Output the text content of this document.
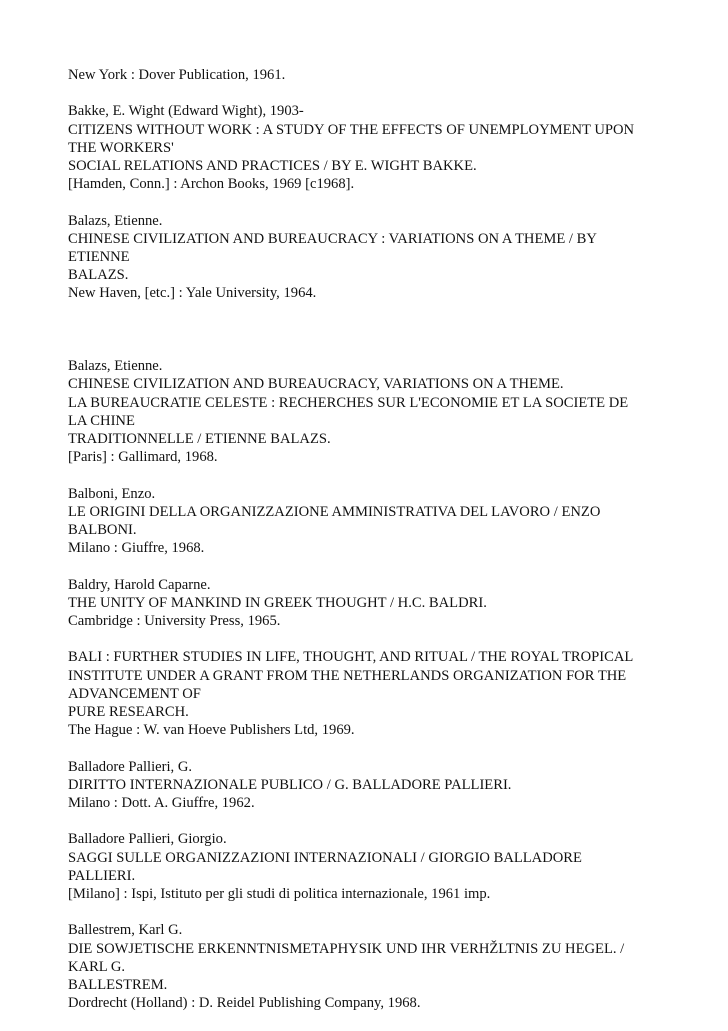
New York : Dover Publication, 1961.
Bakke, E. Wight (Edward Wight), 1903-
CITIZENS WITHOUT WORK : A STUDY OF THE EFFECTS OF UNEMPLOYMENT UPON
THE WORKERS'
SOCIAL RELATIONS AND PRACTICES / BY E. WIGHT BAKKE.
[Hamden, Conn.] : Archon Books, 1969 [c1968].
Balazs, Etienne.
CHINESE CIVILIZATION AND BUREAUCRACY : VARIATIONS ON A THEME / BY
ETIENNE
BALAZS.
New Haven, [etc.] : Yale University, 1964.
Balazs, Etienne.
CHINESE CIVILIZATION AND BUREAUCRACY, VARIATIONS ON A THEME.
LA BUREAUCRATIE CELESTE : RECHERCHES SUR L'ECONOMIE ET LA SOCIETE DE
LA CHINE
TRADITIONNELLE / ETIENNE BALAZS.
[Paris] : Gallimard, 1968.
Balboni, Enzo.
LE ORIGINI DELLA ORGANIZZAZIONE AMMINISTRATIVA DEL LAVORO / ENZO
BALBONI.
Milano : Giuffre, 1968.
Baldry, Harold Caparne.
THE UNITY OF MANKIND IN GREEK THOUGHT / H.C. BALDRI.
Cambridge : University Press, 1965.
BALI : FURTHER STUDIES IN LIFE, THOUGHT, AND RITUAL / THE ROYAL TROPICAL
INSTITUTE UNDER A GRANT FROM THE NETHERLANDS ORGANIZATION FOR THE
ADVANCEMENT OF
PURE RESEARCH.
The Hague : W. van Hoeve Publishers Ltd, 1969.
Balladore Pallieri, G.
DIRITTO INTERNAZIONALE PUBLICO / G. BALLADORE PALLIERI.
Milano : Dott. A. Giuffre, 1962.
Balladore Pallieri, Giorgio.
SAGGI SULLE ORGANIZZAZIONI INTERNAZIONALI / GIORGIO BALLADORE
PALLIERI.
[Milano] : Ispi, Istituto per gli studi di politica internazionale, 1961 imp.
Ballestrem, Karl G.
DIE SOWJETISCHE ERKENNTNISMETAPHYSIK UND IHR VERHŽLTNIS ZU HEGEL. /
KARL G.
BALLESTREM.
Dordrecht (Holland) : D. Reidel Publishing Company, 1968.
